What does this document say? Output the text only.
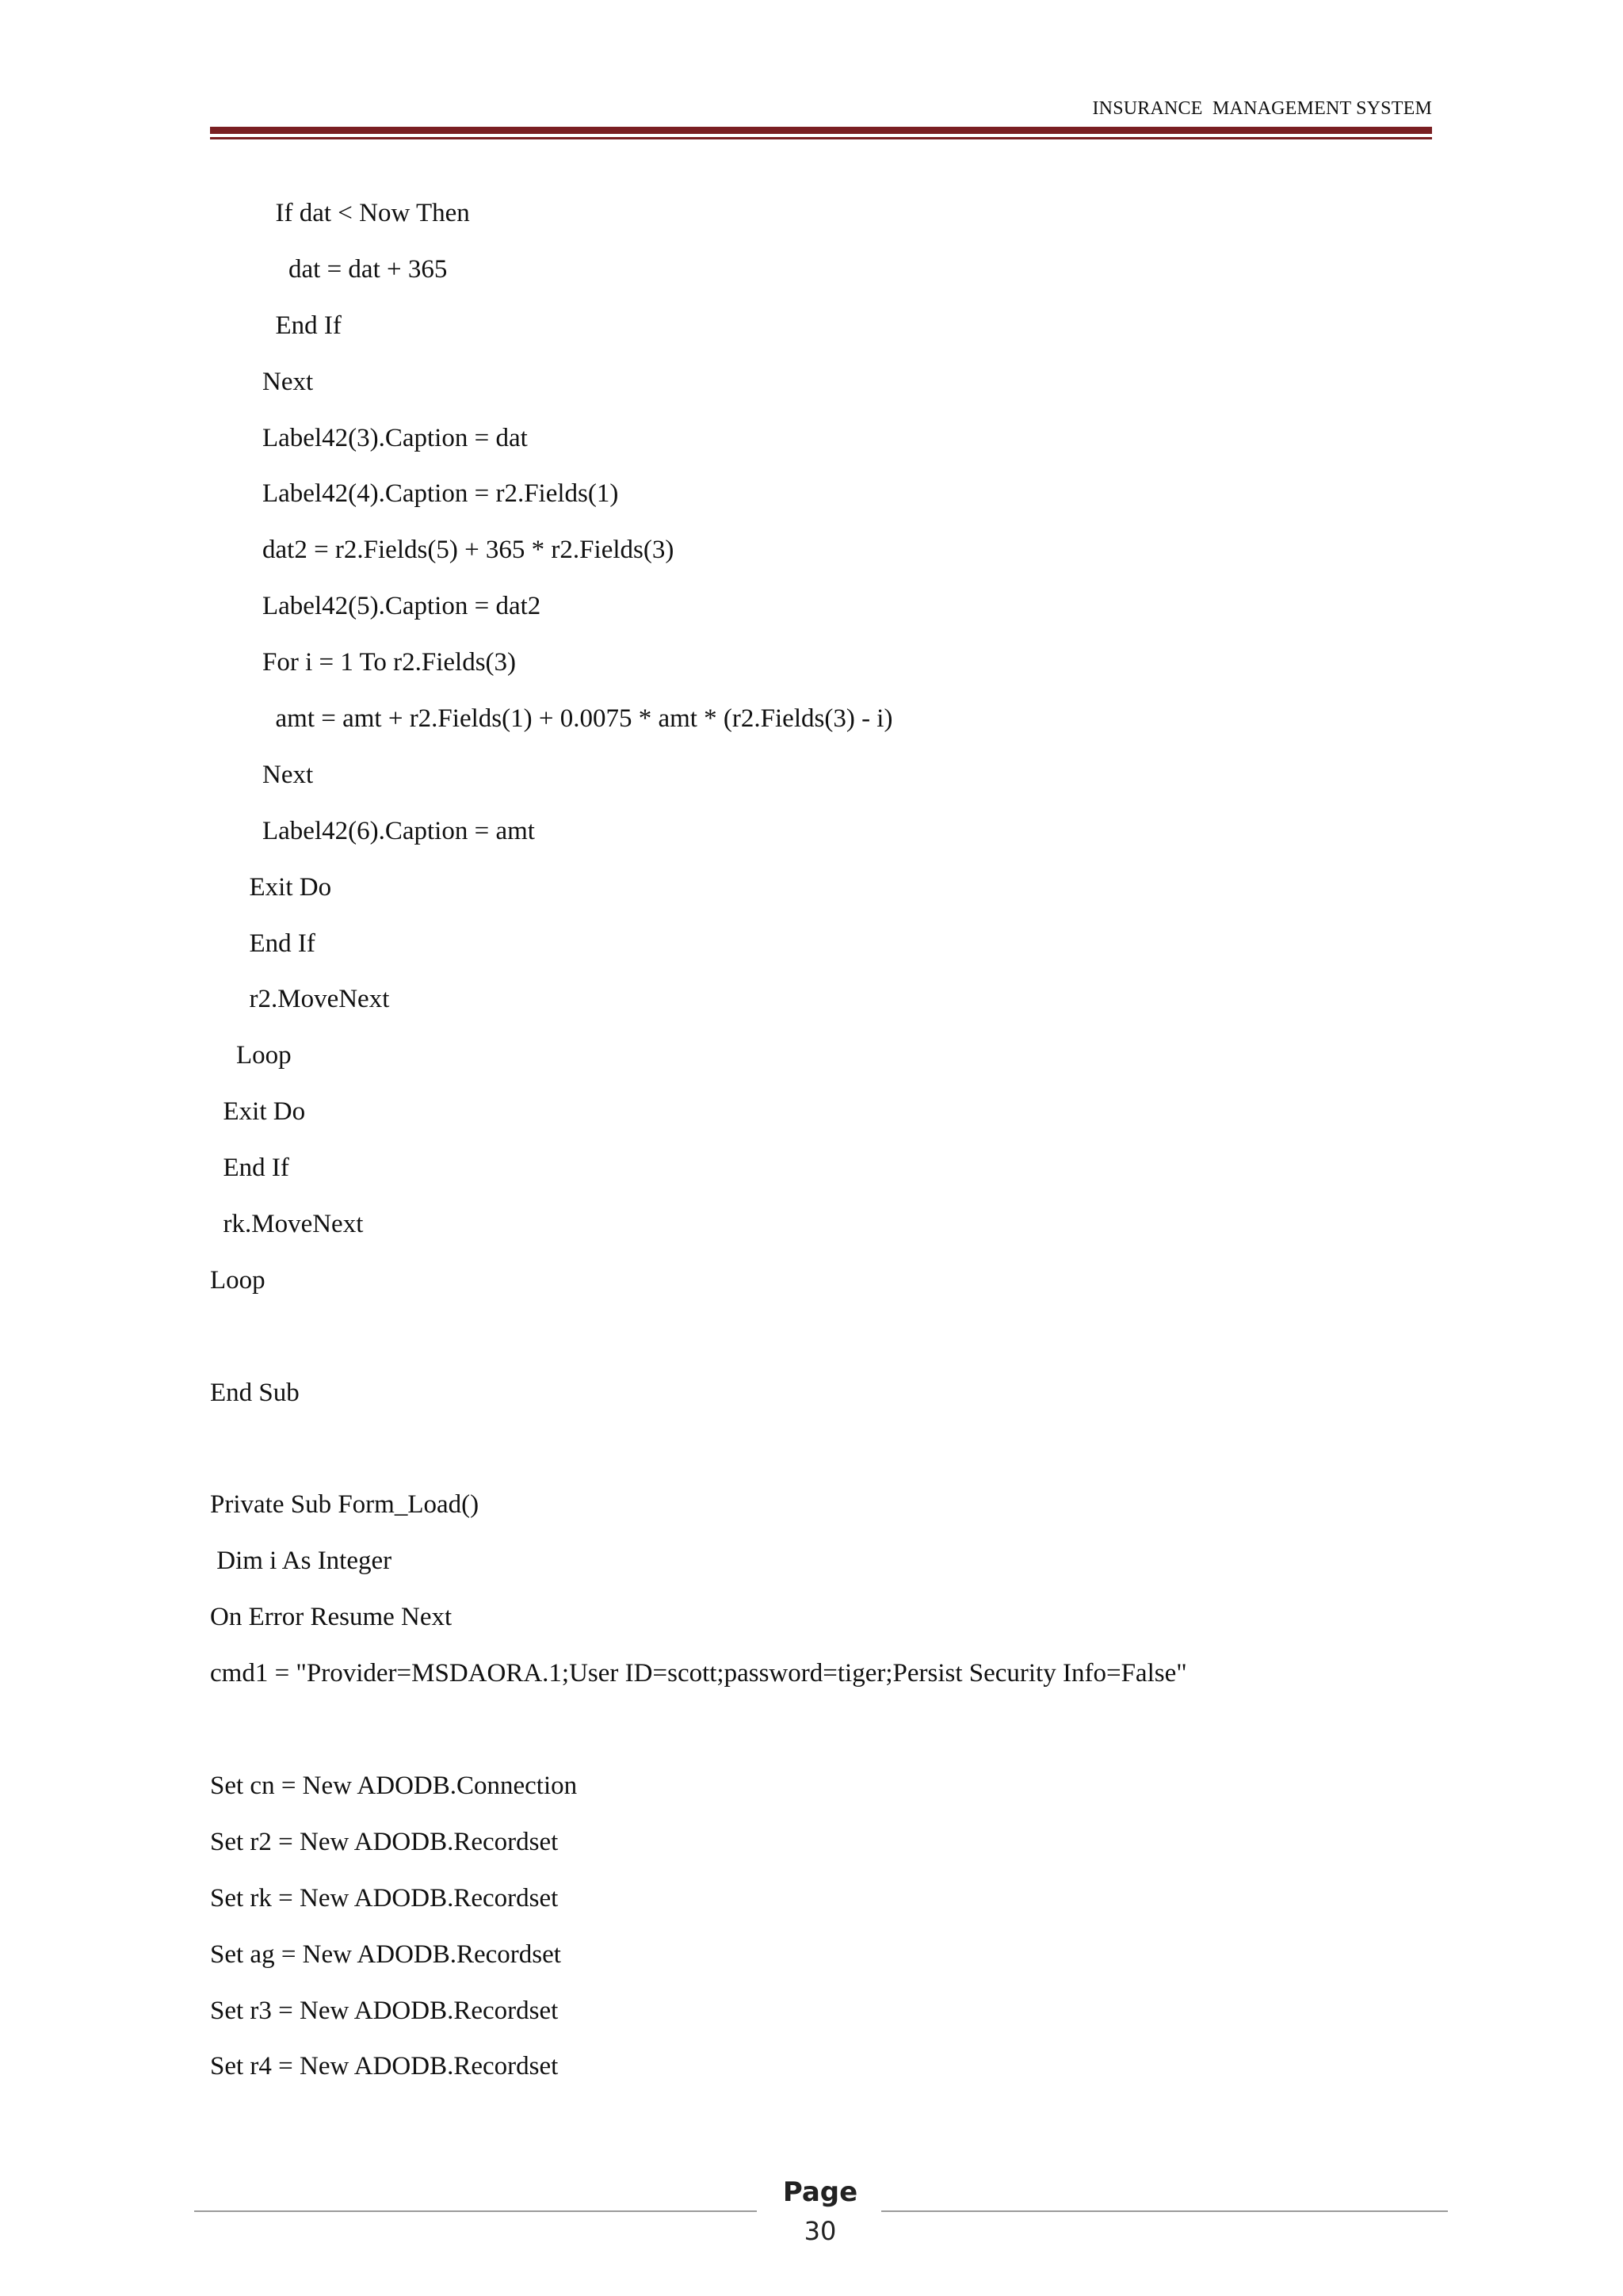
INSURANCE  MANAGEMENT SYSTEM
If dat < Now Then
dat = dat + 365
End If
Next
Label42(3).Caption = dat
Label42(4).Caption = r2.Fields(1)
dat2 = r2.Fields(5) + 365 * r2.Fields(3)
Label42(5).Caption = dat2
For i = 1 To r2.Fields(3)
amt = amt + r2.Fields(1) + 0.0075 * amt * (r2.Fields(3) - i)
Next
Label42(6).Caption = amt
Exit Do
End If
r2.MoveNext
Loop
Exit Do
End If
rk.MoveNext
Loop
End Sub
Private Sub Form_Load()
Dim i As Integer
On Error Resume Next
cmd1 = "Provider=MSDAORA.1;User ID=scott;password=tiger;Persist Security Info=False"
Set cn = New ADODB.Connection
Set r2 = New ADODB.Recordset
Set rk = New ADODB.Recordset
Set ag = New ADODB.Recordset
Set r3 = New ADODB.Recordset
Set r4 = New ADODB.Recordset
Page
30
